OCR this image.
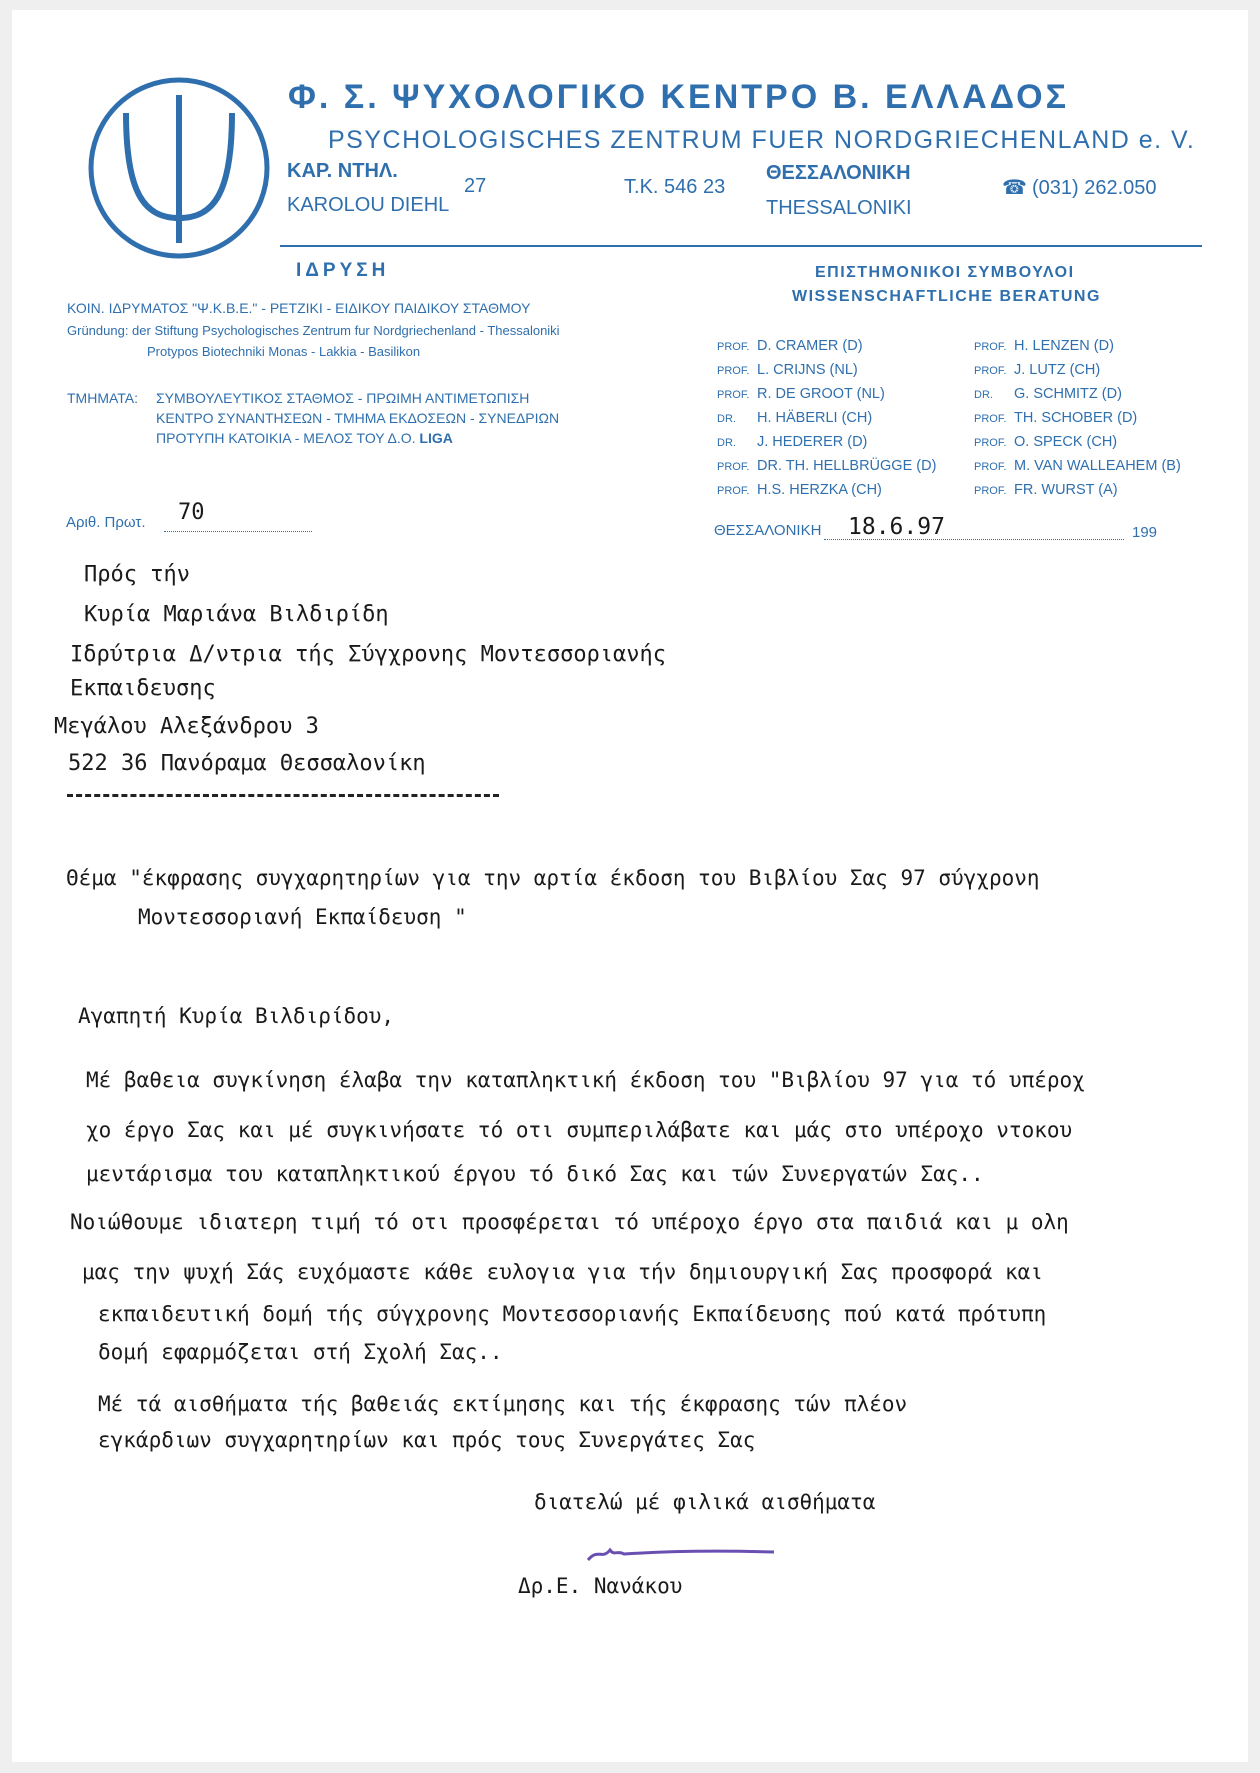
Φ. Σ. ΨΥΧΟΛΟΓΙΚΟ ΚΕΝΤΡΟ Β. ΕΛΛΑΔΟΣ
PSYCHOLOGISCHES ZENTRUM FUER NORDGRIECHENLAND e. V.
ΚΑΡ. ΝΤΗΛ.
KAROLOU DIEHL
27	Τ.Κ. 546 23
ΘΕΣΣΑΛΟΝΙΚΗ
THESSALONIKI
☎ (031) 262.050
ΙΔΡΥΣΗ
ΚΟΙΝ. ΙΔΡΥΜΑΤΟΣ "Ψ.Κ.Β.Ε." - ΡΕΤΖΙΚΙ - ΕΙΔΙΚΟΥ ΠΑΙΔΙΚΟΥ ΣΤΑΘΜΟΥ
Gründung: der Stiftung Psychologisches Zentrum fur Nordgriechenland - Thessaloniki
Protypos Biotechniki Monas - Lakkia - Basilikon
ΤΜΗΜΑΤΑ: ΣΥΜΒΟΥΛΕΥΤΙΚΟΣ ΣΤΑΘΜΟΣ - ΠΡΩΙΜΗ ΑΝΤΙΜΕΤΩΠΙΣΗ
ΚΕΝΤΡΟ ΣΥΝΑΝΤΗΣΕΩΝ - ΤΜΗΜΑ ΕΚΔΟΣΕΩΝ - ΣΥΝΕΔΡΙΩΝ
ΠΡΟΤΥΠΗ ΚΑΤΟΙΚΙΑ - ΜΕΛΟΣ ΤΟΥ Δ.Ο. LIGA
ΕΠΙΣΤΗΜΟΝΙΚΟΙ ΣΥΜΒΟΥΛΟΙ
WISSENSCHAFTLICHE BERATUNG
Αριθ. Πρωτ. 70
ΘΕΣΣΑΛΟΝΙΚΗ 18.6.97	199
Πρός τήν
Κυρία Μαριάνα Βιλδιρίδη
Ιδρύτρια Δ/ντρια τής Σύγχρονης Μοντεσσοριανής
Εκπαιδευσης
Μεγάλου Αλεξάνδρου 3
522 36 Πανόραμα Θεσσαλονίκη
Θέμα "έκφρασης συγχαρητηρίων για την αρτία έκδοση του Βιβλίου Σας 97 σύγχρονη
Μοντεσσοριανή Εκπαίδευση "
Αγαπητή Κυρία Βιλδιρίδου,
διατελώ μέ φιλικά αισθήματα
Δρ.Ε. Νανάκου
PROF. D. CRAMER (D)
PROF. L. CRIJNS (NL)
PROF. R. DE GROOT (NL)
DR. H. HÄBERLI (CH)
DR. J. HEDERER (D)
PROF. DR. TH. HELLBRÜGGE (D)
PROF. H.S. HERZKA (CH)
PROF. H. LENZEN (D)
PROF. J. LUTZ (CH)
DR. G. SCHMITZ (D)
PROF. TH. SCHOBER (D)
PROF. O. SPECK (CH)
PROF. M. VAN WALLEAHEM (B)
PROF. FR. WURST (A)
Μέ βαθεια συγκίνηση έλαβα την καταπληκτική έκδοση του "Βιβλίου 97 για τό υπέροχ
χο έργο Σας και μέ συγκινήσατε τό οτι συμπεριλάβατε και μάς στο υπέροχο ντοκου
μεντάρισμα του καταπληκτικού έργου τό δικό Σας και τών Συνεργατών Σας..
Νοιώθουμε ιδιατερη τιμή τό οτι προσφέρεται τό υπέροχο έργο στα παιδιά και μ ολη
μας την ψυχή Σάς ευχόμαστε κάθε ευλογια για τήν δημιουργική Σας προσφορά και
εκπαιδευτική δομή τής σύγχρονης Μοντεσσοριανής Εκπαίδευσης πού κατά πρότυπη
δομή εφαρμόζεται στή Σχολή Σας..
Μέ τά αισθήματα τής βαθειάς εκτίμησης και τής έκφρασης τών πλέον
εγκάρδιων συγχαρητηρίων και πρός τους Συνεργάτες Σας
